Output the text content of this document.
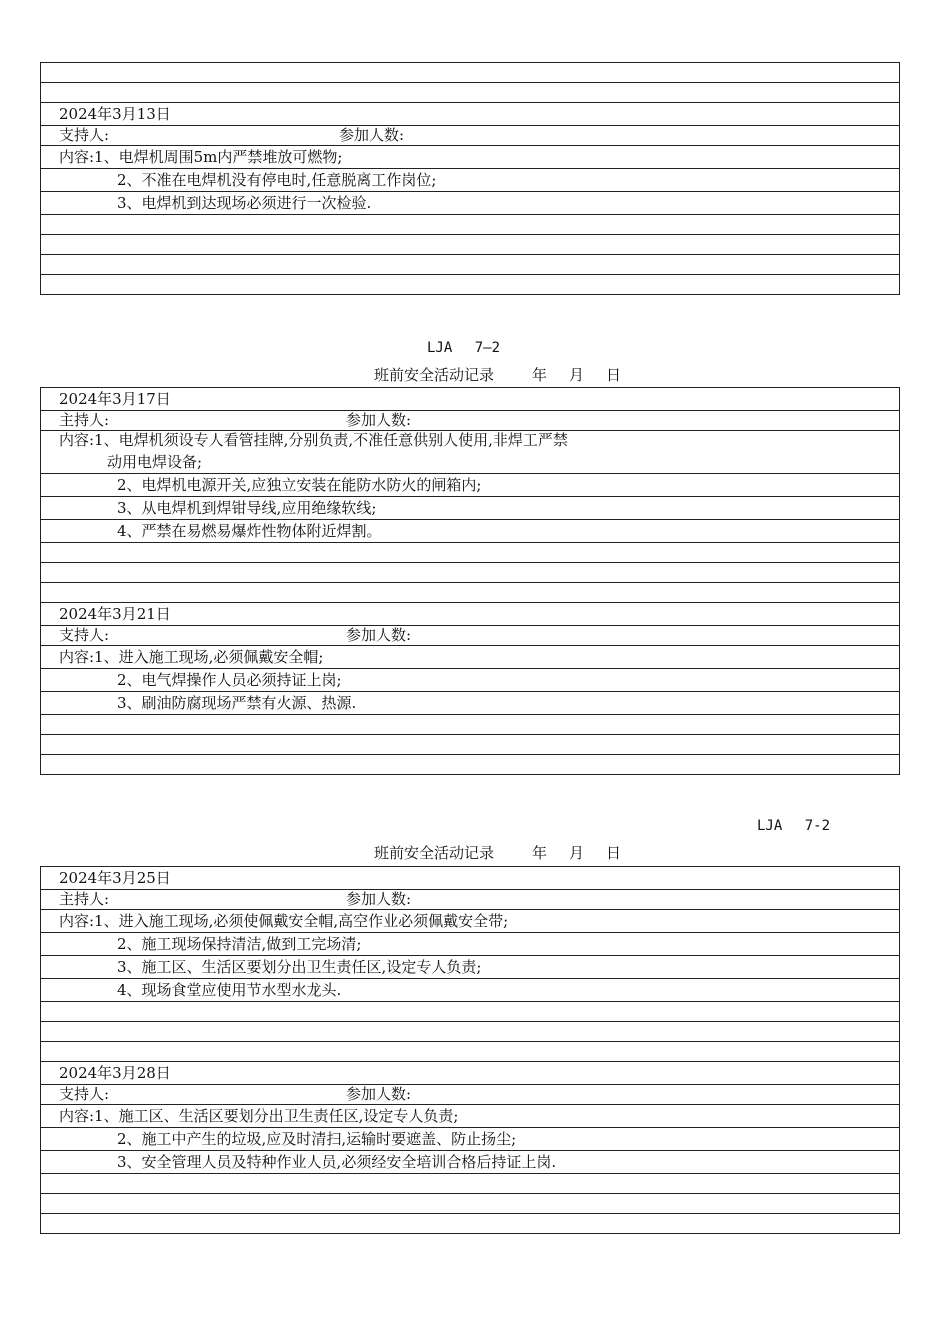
2024年3月13日
支持人:	参加人数:
内容:1、电焊机周围5m内严禁堆放可燃物;
2、不准在电焊机没有停电时,任意脱离工作岗位;
3、电焊机到达现场必须进行一次检验.
LJA 7—2
班前安全活动记录	年 月 日
2024年3月17日
主持人:	参加人数:
内容:1、电焊机须设专人看管挂牌,分别负责,不准任意供别人使用,非焊工严禁
动用电焊设备;
2、电焊机电源开关,应独立安装在能防水防火的闸箱内;
3、从电焊机到焊钳导线,应用绝缘软线;
4、严禁在易燃易爆炸性物体附近焊割。
2024年3月21日
支持人:	参加人数:
内容:1、进入施工现场,必须佩戴安全帽;
2、电气焊操作人员必须持证上岗;
3、刷油防腐现场严禁有火源、热源.
LJA 7-2
班前安全活动记录	年 月 日
2024年3月25日
主持人:	参加人数:
内容:1、进入施工现场,必须使佩戴安全帽,高空作业必须佩戴安全带;
2、施工现场保持清洁,做到工完场清;
3、施工区、生活区要划分出卫生责任区,设定专人负责;
4、现场食堂应使用节水型水龙头.
2024年3月28日
支持人:	参加人数:
内容:1、施工区、生活区要划分出卫生责任区,设定专人负责;
2、施工中产生的垃圾,应及时清扫,运输时要遮盖、防止扬尘;
3、安全管理人员及特种作业人员,必须经安全培训合格后持证上岗.
